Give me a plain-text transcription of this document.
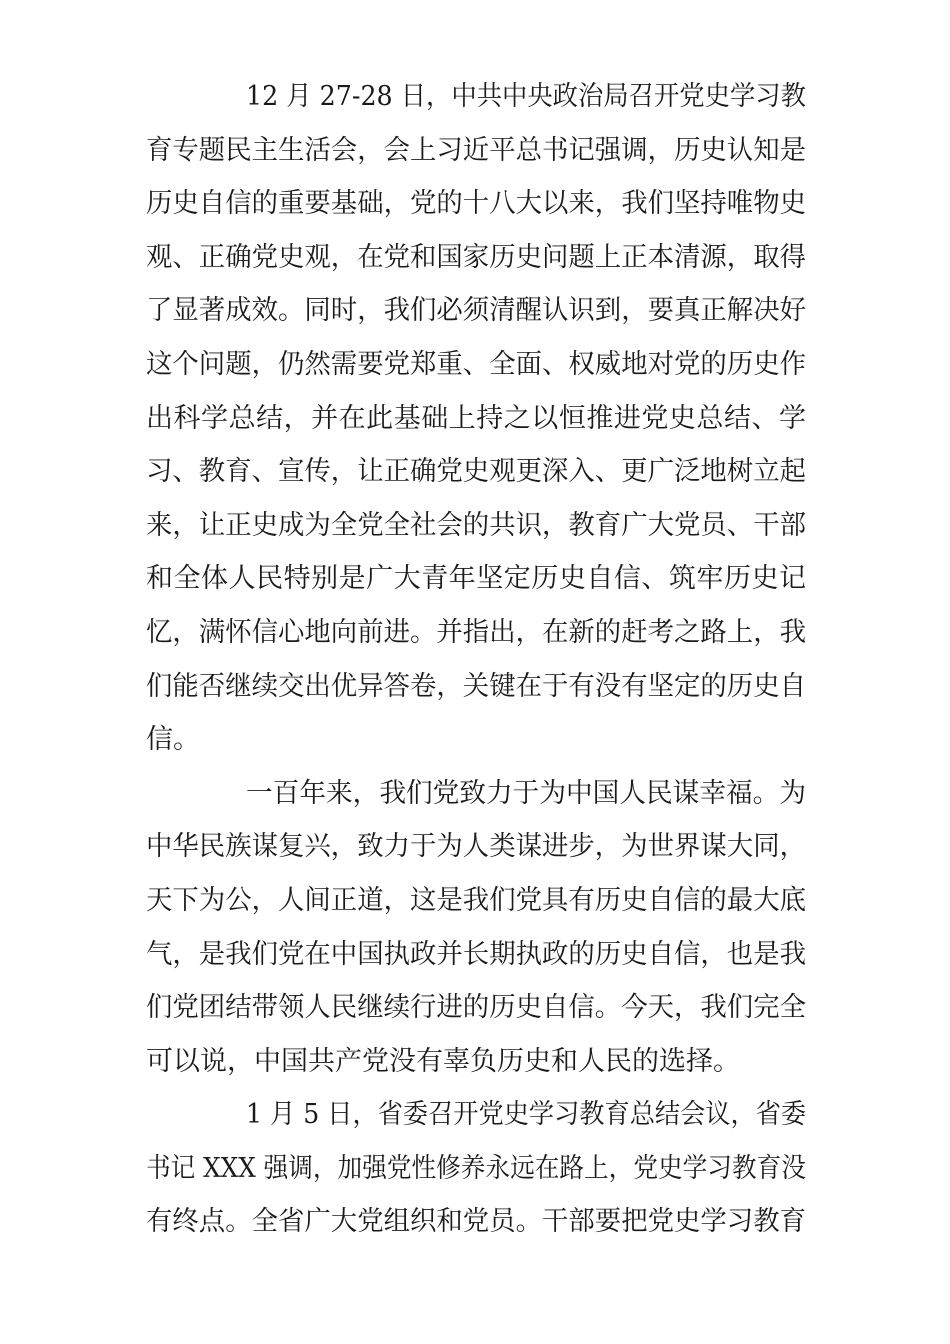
12 月 27-28 日，中共中央政治局召开党史学习教
育专题民主生活会，会上习近平总书记强调，历史认知是
历史自信的重要基础，党的十八大以来，我们坚持唯物史
观、正确党史观，在党和国家历史问题上正本清源，取得
了显著成效。同时，我们必须清醒认识到，要真正解决好
这个问题，仍然需要党郑重、全面、权威地对党的历史作
出科学总结，并在此基础上持之以恒推进党史总结、学
习、教育、宣传，让正确党史观更深入、更广泛地树立起
来，让正史成为全党全社会的共识，教育广大党员、干部
和全体人民特别是广大青年坚定历史自信、筑牢历史记
忆，满怀信心地向前进。并指出，在新的赶考之路上，我
们能否继续交出优异答卷，关键在于有没有坚定的历史自
信。
一百年来，我们党致力于为中国人民谋幸福。为
中华民族谋复兴，致力于为人类谋进步，为世界谋大同，
天下为公，人间正道，这是我们党具有历史自信的最大底
气，是我们党在中国执政并长期执政的历史自信，也是我
们党团结带领人民继续行进的历史自信。今天，我们完全
可以说，中国共产党没有辜负历史和人民的选择。
1 月 5 日，省委召开党史学习教育总结会议，省委
书记 XXX 强调，加强党性修养永远在路上，党史学习教育没
有终点。全省广大党组织和党员。干部要把党史学习教育
